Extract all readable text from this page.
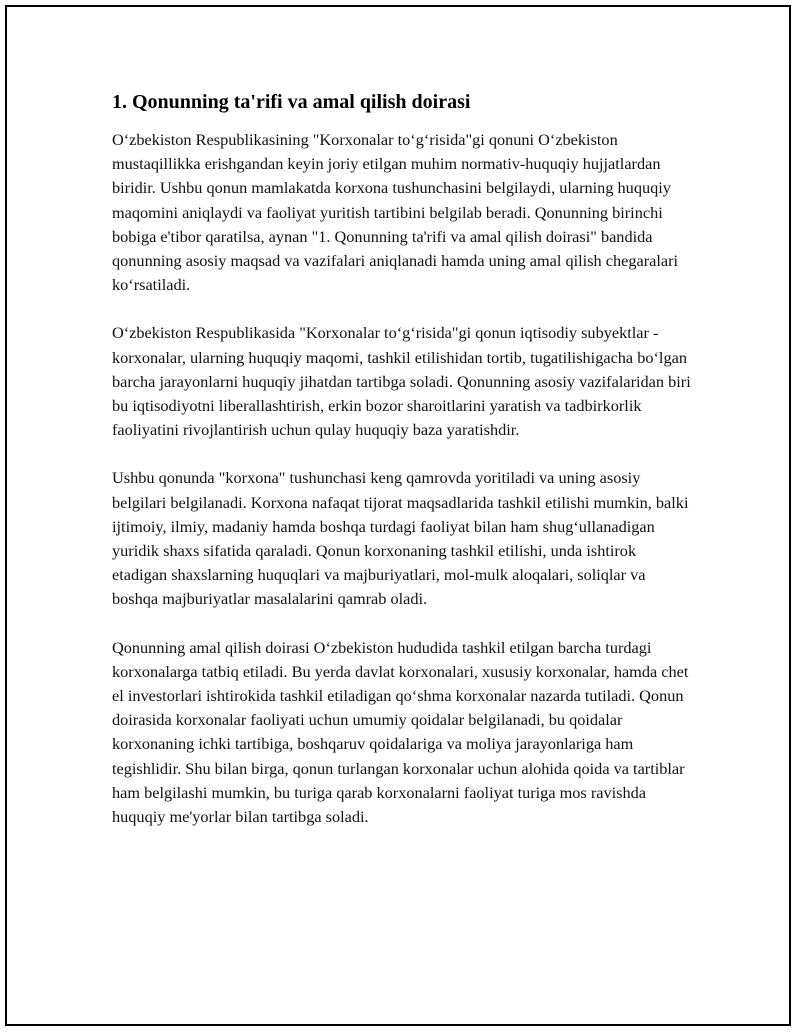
1. Qonunning ta'rifi va amal qilish doirasi

O‘zbekiston Respublikasining "Korxonalar to‘g‘risida"gi qonuni O‘zbekiston mustaqillikka erishgandan keyin joriy etilgan muhim normativ-huquqiy hujjatlardan biridir. Ushbu qonun mamlakatda korxona tushunchasini belgilaydi, ularning huquqiy maqomini aniqlaydi va faoliyat yuritish tartibini belgilab beradi. Qonunning birinchi bobiga e'tibor qaratilsa, aynan "1. Qonunning ta'rifi va amal qilish doirasi" bandida qonunning asosiy maqsad va vazifalari aniqlanadi hamda uning amal qilish chegaralari ko‘rsatiladi.

O‘zbekiston Respublikasida "Korxonalar to‘g‘risida"gi qonun iqtisodiy subyektlar - korxonalar, ularning huquqiy maqomi, tashkil etilishidan tortib, tugatilishigacha bo‘lgan barcha jarayonlarni huquqiy jihatdan tartibga soladi. Qonunning asosiy vazifalaridan biri bu iqtisodiyotni liberallashtirish, erkin bozor sharoitlarini yaratish va tadbirkorlik faoliyatini rivojlantirish uchun qulay huquqiy baza yaratishdir.

Ushbu qonunda "korxona" tushunchasi keng qamrovda yoritiladi va uning asosiy belgilari belgilanadi. Korxona nafaqat tijorat maqsadlarida tashkil etilishi mumkin, balki ijtimoiy, ilmiy, madaniy hamda boshqa turdagi faoliyat bilan ham shug‘ullanadigan yuridik shaxs sifatida qaraladi. Qonun korxonaning tashkil etilishi, unda ishtirok etadigan shaxslarning huquqlari va majburiyatlari, mol-mulk aloqalari, soliqlar va boshqa majburiyatlar masalalarini qamrab oladi.

Qonunning amal qilish doirasi O‘zbekiston hududida tashkil etilgan barcha turdagi korxonalarga tatbiq etiladi. Bu yerda davlat korxonalari, xususiy korxonalar, hamda chet el investorlari ishtirokida tashkil etiladigan qo‘shma korxonalar nazarda tutiladi. Qonun doirasida korxonalar faoliyati uchun umumiy qoidalar belgilanadi, bu qoidalar korxonaning ichki tartibiga, boshqaruv qoidalariga va moliya jarayonlariga ham tegishlidir. Shu bilan birga, qonun turlangan korxonalar uchun alohida qoida va tartiblar ham belgilashi mumkin, bu turiga qarab korxonalarni faoliyat turiga mos ravishda huquqiy me'yorlar bilan tartibga soladi.
